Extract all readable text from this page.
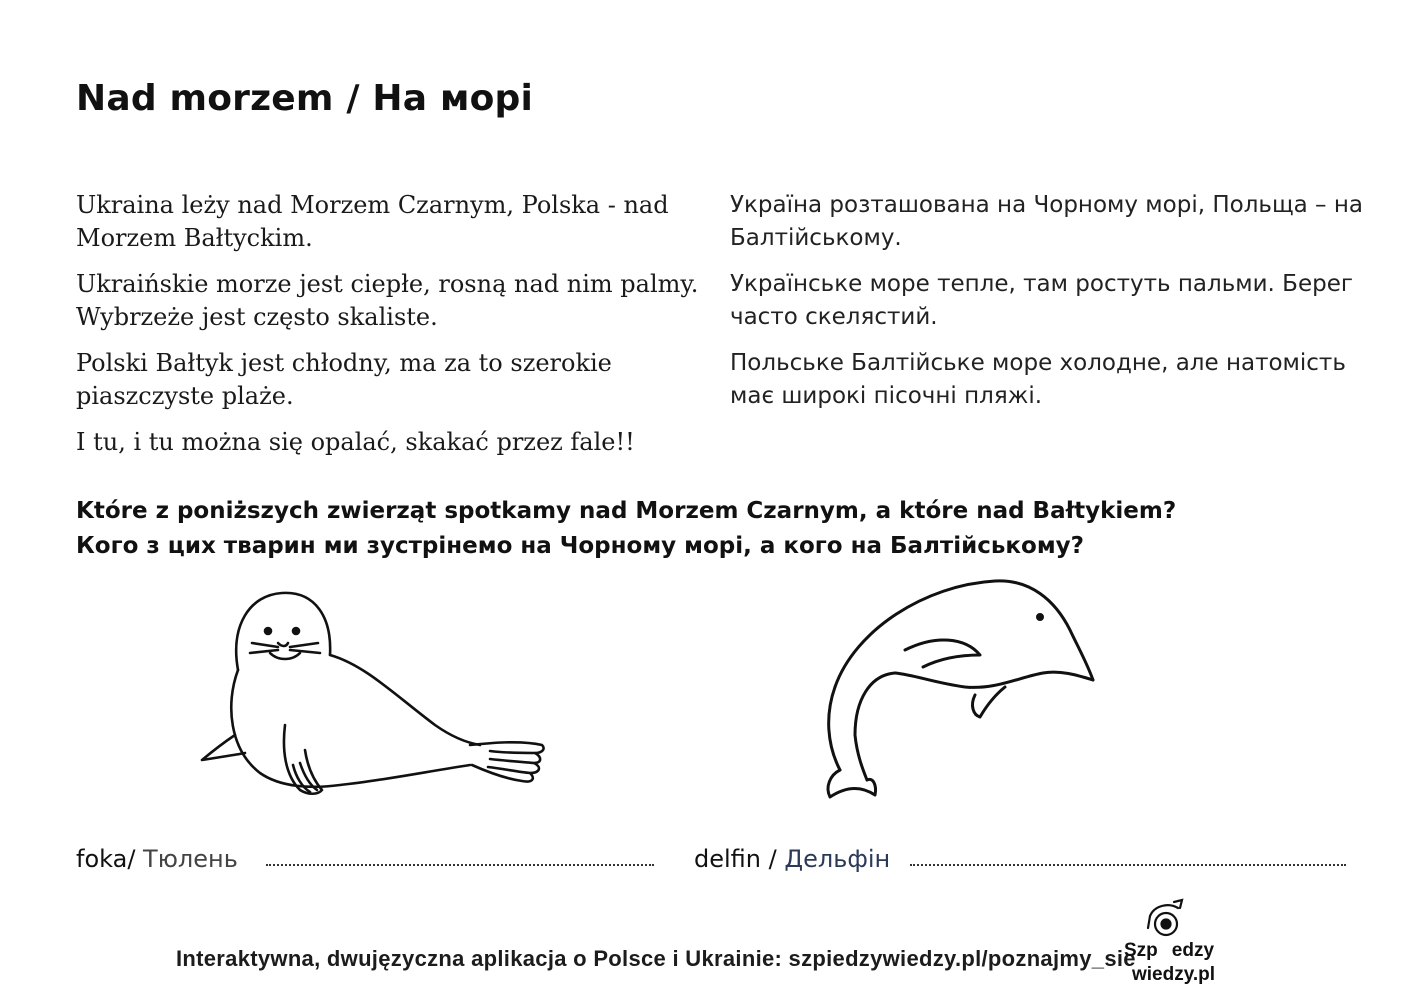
Nad morzem / На морі

Ukraina leży nad Morzem Czarnym, Polska - nad Morzem Bałtyckim.

Ukraińskie morze jest ciepłe, rosną nad nim palmy. Wybrzeże jest często skaliste.

Polski Bałtyk jest chłodny, ma za to szerokie piaszczyste plaże.

I tu, i tu można się opalać, skakać przez fale!!

Україна розташована на Чорному морі, Польща – на Балтійському.

Українське море тепле, там ростуть пальми. Берег часто скелястий.

Польське Балтійське море холодне, але натомість має широкі пісочні пляжі.

Które z poniższych zwierząt spotkamy nad Morzem Czarnym, a które nad Bałtykiem?
Кого з цих тварин ми зустрінемо на Чорному морі, а кого на Балтійському?
foka/ Тюлень	delfin / Дельфін
Interaktywna, dwujęzyczna aplikacja o Polsce i Ukrainie: szpiedzywiedzy.pl/poznajmy_sie
Szp edzy
wiedzy.pl
